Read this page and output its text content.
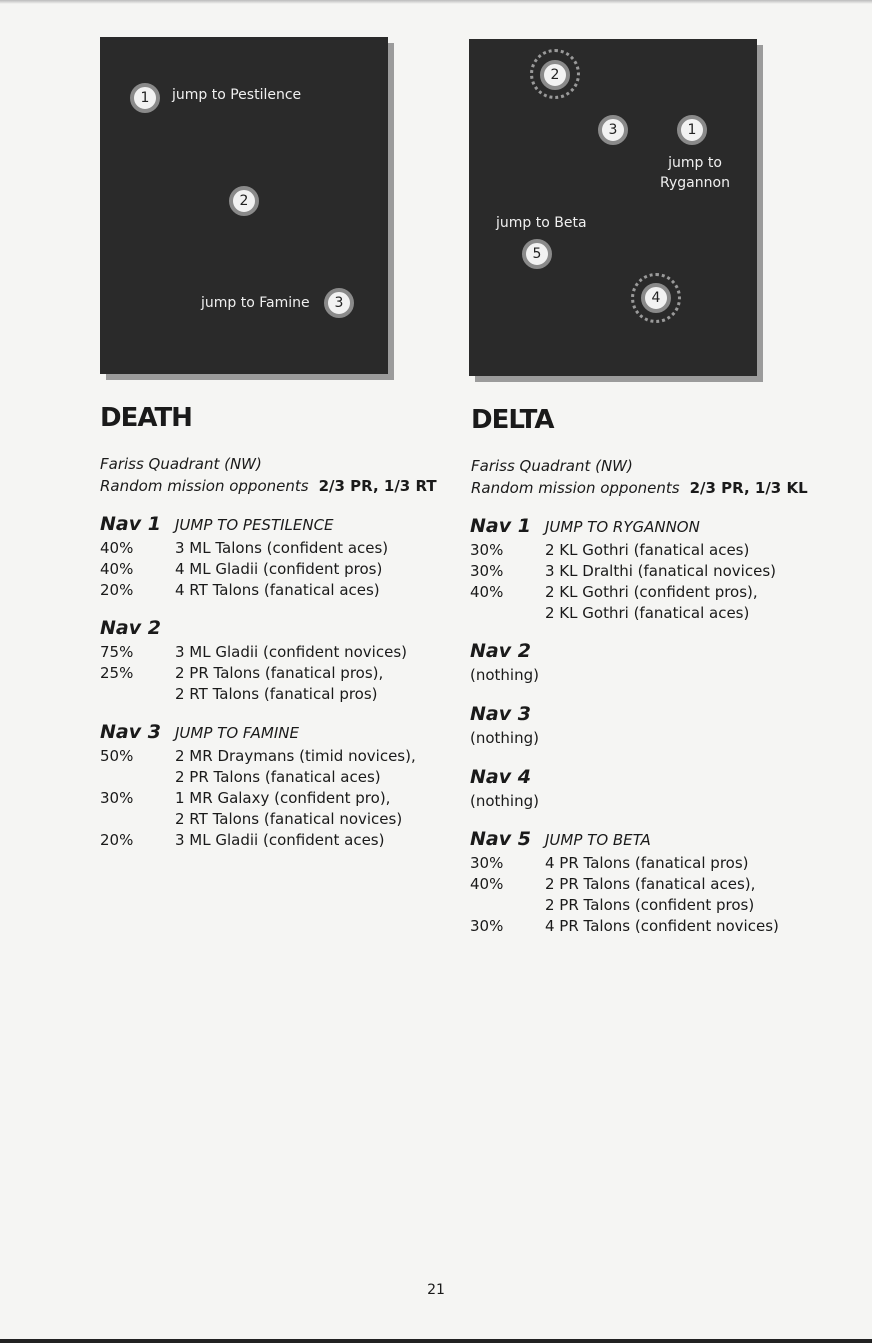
1	jump to Pestilence
2
jump to Famine	3
2
3	1
jump to
Rygannon
jump to Beta
5
4
DEATH
Fariss Quadrant (NW)
Random mission opponents 2/3 PR, 1/3 RT
Nav 1 JUMP TO PESTILENCE
40%	3 ML Talons (confident aces)
40%	4 ML Gladii (confident pros)
20%	4 RT Talons (fanatical aces)
Nav 2
75%	3 ML Gladii (confident novices)
25%	2 PR Talons (fanatical pros),
2 RT Talons (fanatical pros)
Nav 3 JUMP TO FAMINE
50%	2 MR Draymans (timid novices),
2 PR Talons (fanatical aces)
30%	1 MR Galaxy (confident pro),
2 RT Talons (fanatical novices)
20%	3 ML Gladii (confident aces)
DELTA
Fariss Quadrant (NW)
Random mission opponents 2/3 PR, 1/3 KL
Nav 1 JUMP TO RYGANNON
30%	2 KL Gothri (fanatical aces)
30%	3 KL Dralthi (fanatical novices)
40%	2 KL Gothri (confident pros),
2 KL Gothri (fanatical aces)
Nav 2
(nothing)
Nav 3
(nothing)
Nav 4
(nothing)
Nav 5 JUMP TO BETA
30%	4 PR Talons (fanatical pros)
40%	2 PR Talons (fanatical aces),
2 PR Talons (confident pros)
30%	4 PR Talons (confident novices)
21
